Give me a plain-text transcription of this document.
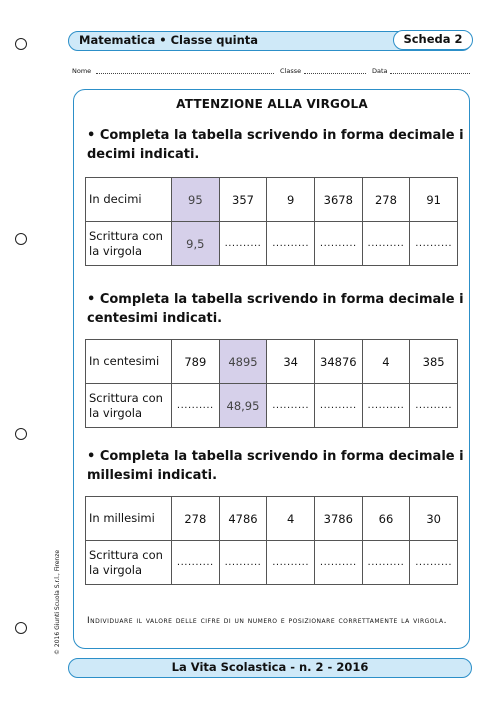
Matematica • Classe quinta	Scheda 2
Nome	Classe	Data
ATTENZIONE ALLA VIRGOLA
• Completa la tabella scrivendo in forma decimale i decimi indicati.
In decimi	95	357	9	3678	278	91
Scrittura con la virgola	9,5	..........	..........	..........	..........	..........
• Completa la tabella scrivendo in forma decimale i centesimi indicati.
In centesimi	789	4895	34	34876	4	385
Scrittura con la virgola	..........	48,95	..........	..........	..........	..........
• Completa la tabella scrivendo in forma decimale i millesimi indicati.
In millesimi	278	4786	4	3786	66	30
Scrittura con la virgola	..........	..........	..........	..........	..........	..........
Individuare il valore delle cifre di un numero e posizionare correttamente la virgola.
© 2016 Giunti Scuola S.r.l., Firenze
La Vita Scolastica - n. 2 - 2016
